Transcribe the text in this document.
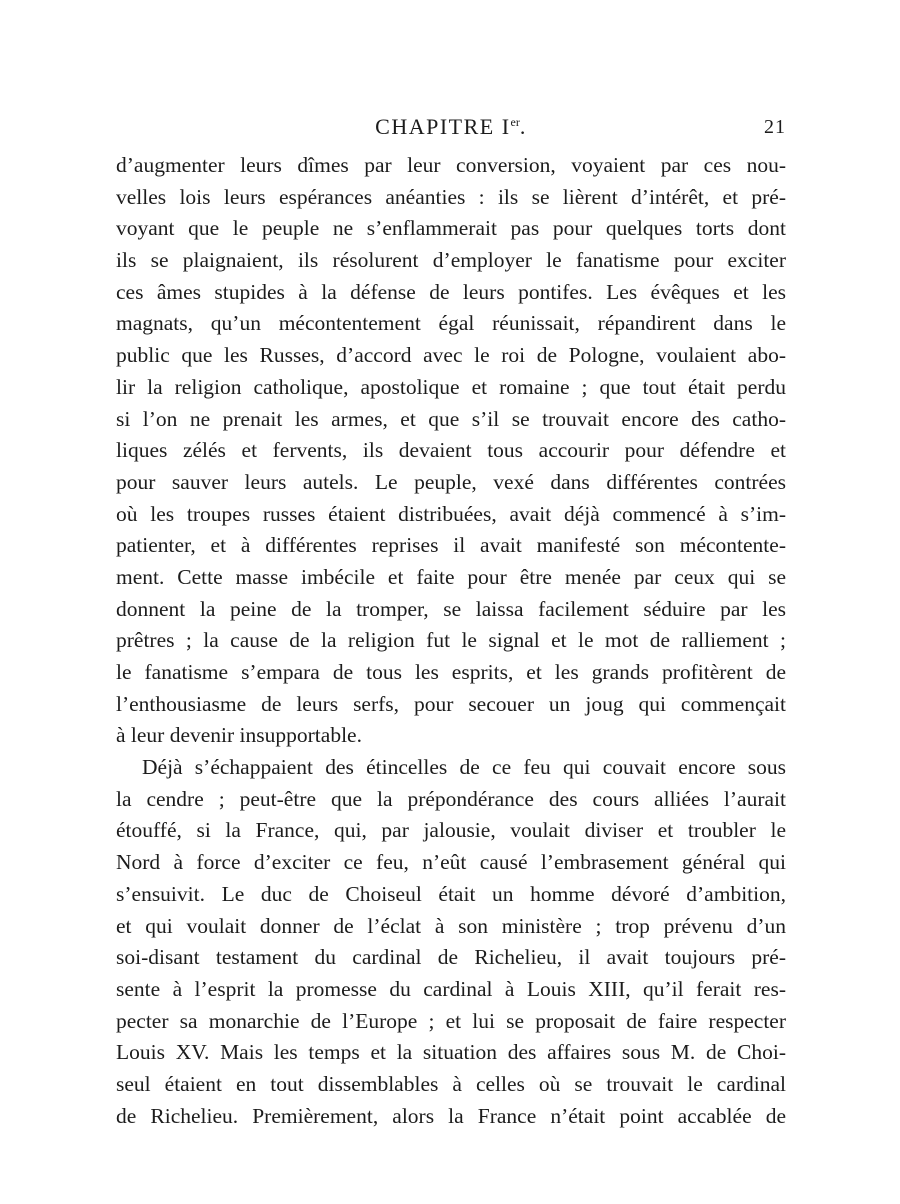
CHAPITRE Ier.	21
d’augmenter leurs dîmes par leur conversion, voyaient par ces nou-
velles lois leurs espérances anéanties : ils se lièrent d’intérêt, et pré-
voyant que le peuple ne s’enflammerait pas pour quelques torts dont
ils se plaignaient, ils résolurent d’employer le fanatisme pour exciter
ces âmes stupides à la défense de leurs pontifes. Les évêques et les
magnats, qu’un mécontentement égal réunissait, répandirent dans le
public que les Russes, d’accord avec le roi de Pologne, voulaient abo-
lir la religion catholique, apostolique et romaine ; que tout était perdu
si l’on ne prenait les armes, et que s’il se trouvait encore des catho-
liques zélés et fervents, ils devaient tous accourir pour défendre et
pour sauver leurs autels. Le peuple, vexé dans différentes contrées
où les troupes russes étaient distribuées, avait déjà commencé à s’im-
patienter, et à différentes reprises il avait manifesté son mécontente-
ment. Cette masse imbécile et faite pour être menée par ceux qui se
donnent la peine de la tromper, se laissa facilement séduire par les
prêtres ; la cause de la religion fut le signal et le mot de ralliement ;
le fanatisme s’empara de tous les esprits, et les grands profitèrent de
l’enthousiasme de leurs serfs, pour secouer un joug qui commençait
à leur devenir insupportable.
Déjà s’échappaient des étincelles de ce feu qui couvait encore sous
la cendre ; peut-être que la prépondérance des cours alliées l’aurait
étouffé, si la France, qui, par jalousie, voulait diviser et troubler le
Nord à force d’exciter ce feu, n’eût causé l’embrasement général qui
s’ensuivit. Le duc de Choiseul était un homme dévoré d’ambition,
et qui voulait donner de l’éclat à son ministère ; trop prévenu d’un
soi-disant testament du cardinal de Richelieu, il avait toujours pré-
sente à l’esprit la promesse du cardinal à Louis XIII, qu’il ferait res-
pecter sa monarchie de l’Europe ; et lui se proposait de faire respecter
Louis XV. Mais les temps et la situation des affaires sous M. de Choi-
seul étaient en tout dissemblables à celles où se trouvait le cardinal
de Richelieu. Premièrement, alors la France n’était point accablée de
